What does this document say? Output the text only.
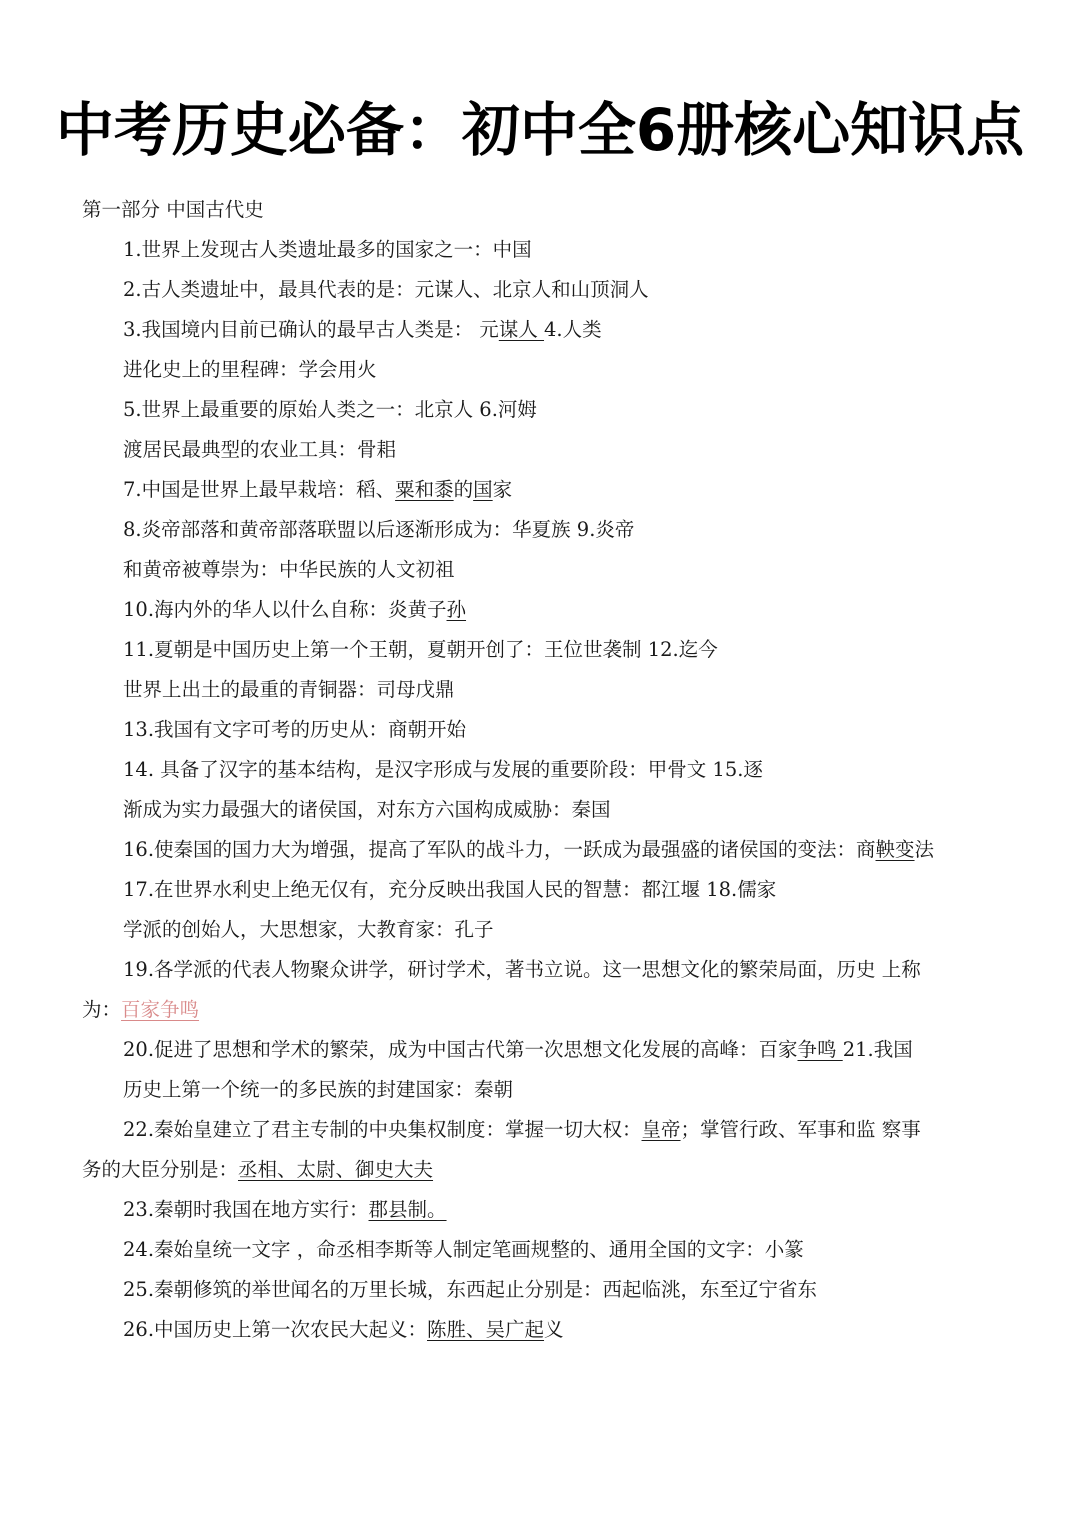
中考历史必备：初中全6册核心知识点
第一部分 中国古代史
1.世界上发现古人类遗址最多的国家之一：中国
2.古人类遗址中，最具代表的是：元谋人、北京人和山顶洞人
3.我国境内目前已确认的最早古人类是： 元谋人 4.人类
进化史上的里程碑：学会用火
5.世界上最重要的原始人类之一：北京人 6.河姆
渡居民最典型的农业工具：骨耜
7.中国是世界上最早栽培：稻、粟和黍的国家
8.炎帝部落和黄帝部落联盟以后逐渐形成为：华夏族 9.炎帝
和黄帝被尊崇为：中华民族的人文初祖
10.海内外的华人以什么自称：炎黄子孙
11.夏朝是中国历史上第一个王朝，夏朝开创了：王位世袭制 12.迄今
世界上出土的最重的青铜器：司母戊鼎
13.我国有文字可考的历史从：商朝开始
14. 具备了汉字的基本结构，是汉字形成与发展的重要阶段：甲骨文 15.逐
渐成为实力最强大的诸侯国，对东方六国构成威胁：秦国
16.使秦国的国力大为增强，提高了军队的战斗力，一跃成为最强盛的诸侯国的变法：商鞅变法
17.在世界水利史上绝无仅有，充分反映出我国人民的智慧：都江堰 18.儒家
学派的创始人，大思想家，大教育家：孔子
19.各学派的代表人物聚众讲学，研讨学术，著书立说。这一思想文化的繁荣局面，历史 上称
为：百家争鸣
20.促进了思想和学术的繁荣，成为中国古代第一次思想文化发展的高峰：百家争鸣 21.我国
历史上第一个统一的多民族的封建国家：秦朝
22.秦始皇建立了君主专制的中央集权制度：掌握一切大权：皇帝；掌管行政、军事和监 察事
务的大臣分别是：丞相、太尉、御史大夫
23.秦朝时我国在地方实行：郡县制。
24.秦始皇统一文字 ，命丞相李斯等人制定笔画规整的、通用全国的文字：小篆
25.秦朝修筑的举世闻名的万里长城，东西起止分别是：西起临洮，东至辽宁省东
26.中国历史上第一次农民大起义：陈胜、吴广起义
